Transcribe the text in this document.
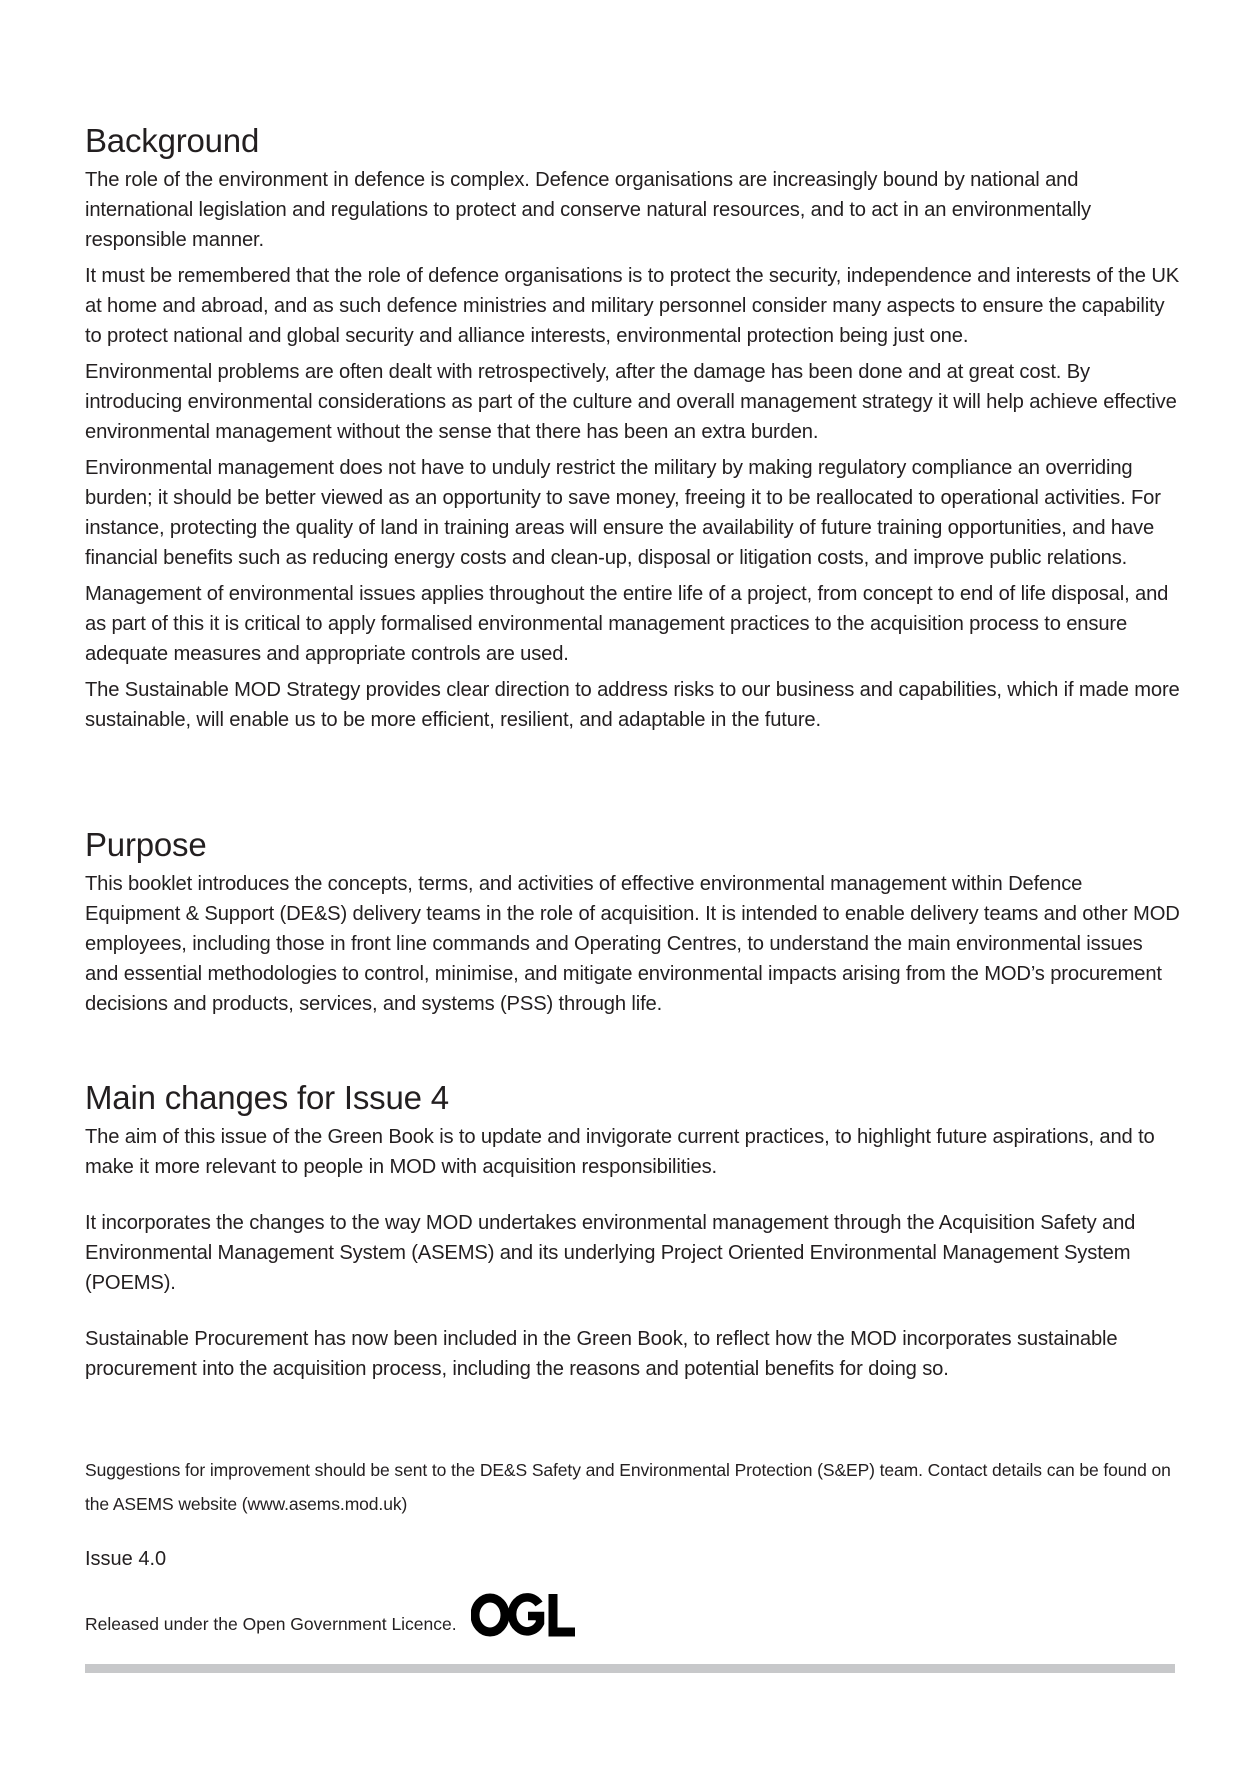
Background

The role of the environment in defence is complex. Defence organisations are increasingly bound by national and international legislation and regulations to protect and conserve natural resources, and to act in an environmentally responsible manner.

It must be remembered that the role of defence organisations is to protect the security, independence and interests of the UK at home and abroad, and as such defence ministries and military personnel consider many aspects to ensure the capability to protect national and global security and alliance interests, environmental protection being just one.

Environmental problems are often dealt with retrospectively, after the damage has been done and at great cost. By introducing environmental considerations as part of the culture and overall management strategy it will help achieve effective environmental management without the sense that there has been an extra burden.

Environmental management does not have to unduly restrict the military by making regulatory compliance an overriding burden; it should be better viewed as an opportunity to save money, freeing it to be reallocated to operational activities. For instance, protecting the quality of land in training areas will ensure the availability of future training opportunities, and have financial benefits such as reducing energy costs and clean-up, disposal or litigation costs, and improve public relations.

Management of environmental issues applies throughout the entire life of a project, from concept to end of life disposal, and as part of this it is critical to apply formalised environmental management practices to the acquisition process to ensure adequate measures and appropriate controls are used.

The Sustainable MOD Strategy provides clear direction to address risks to our business and capabilities, which if made more sustainable, will enable us to be more efficient, resilient, and adaptable in the future.

Purpose

This booklet introduces the concepts, terms, and activities of effective environmental management within Defence Equipment & Support (DE&S) delivery teams in the role of acquisition. It is intended to enable delivery teams and other MOD employees, including those in front line commands and Operating Centres, to understand the main environmental issues and essential methodologies to control, minimise, and mitigate environmental impacts arising from the MOD’s procurement decisions and products, services, and systems (PSS) through life.

Main changes for Issue 4

The aim of this issue of the Green Book is to update and invigorate current practices, to highlight future aspirations, and to make it more relevant to people in MOD with acquisition responsibilities.

It incorporates the changes to the way MOD undertakes environmental management through the Acquisition Safety and Environmental Management System (ASEMS) and its underlying Project Oriented Environmental Management System (POEMS).

Sustainable Procurement has now been included in the Green Book, to reflect how the MOD incorporates sustainable procurement into the acquisition process, including the reasons and potential benefits for doing so.

Suggestions for improvement should be sent to the DE&S Safety and Environmental Protection (S&EP) team. Contact details can be found on the ASEMS website (www.asems.mod.uk)

Issue 4.0

Released under the Open Government Licence.
